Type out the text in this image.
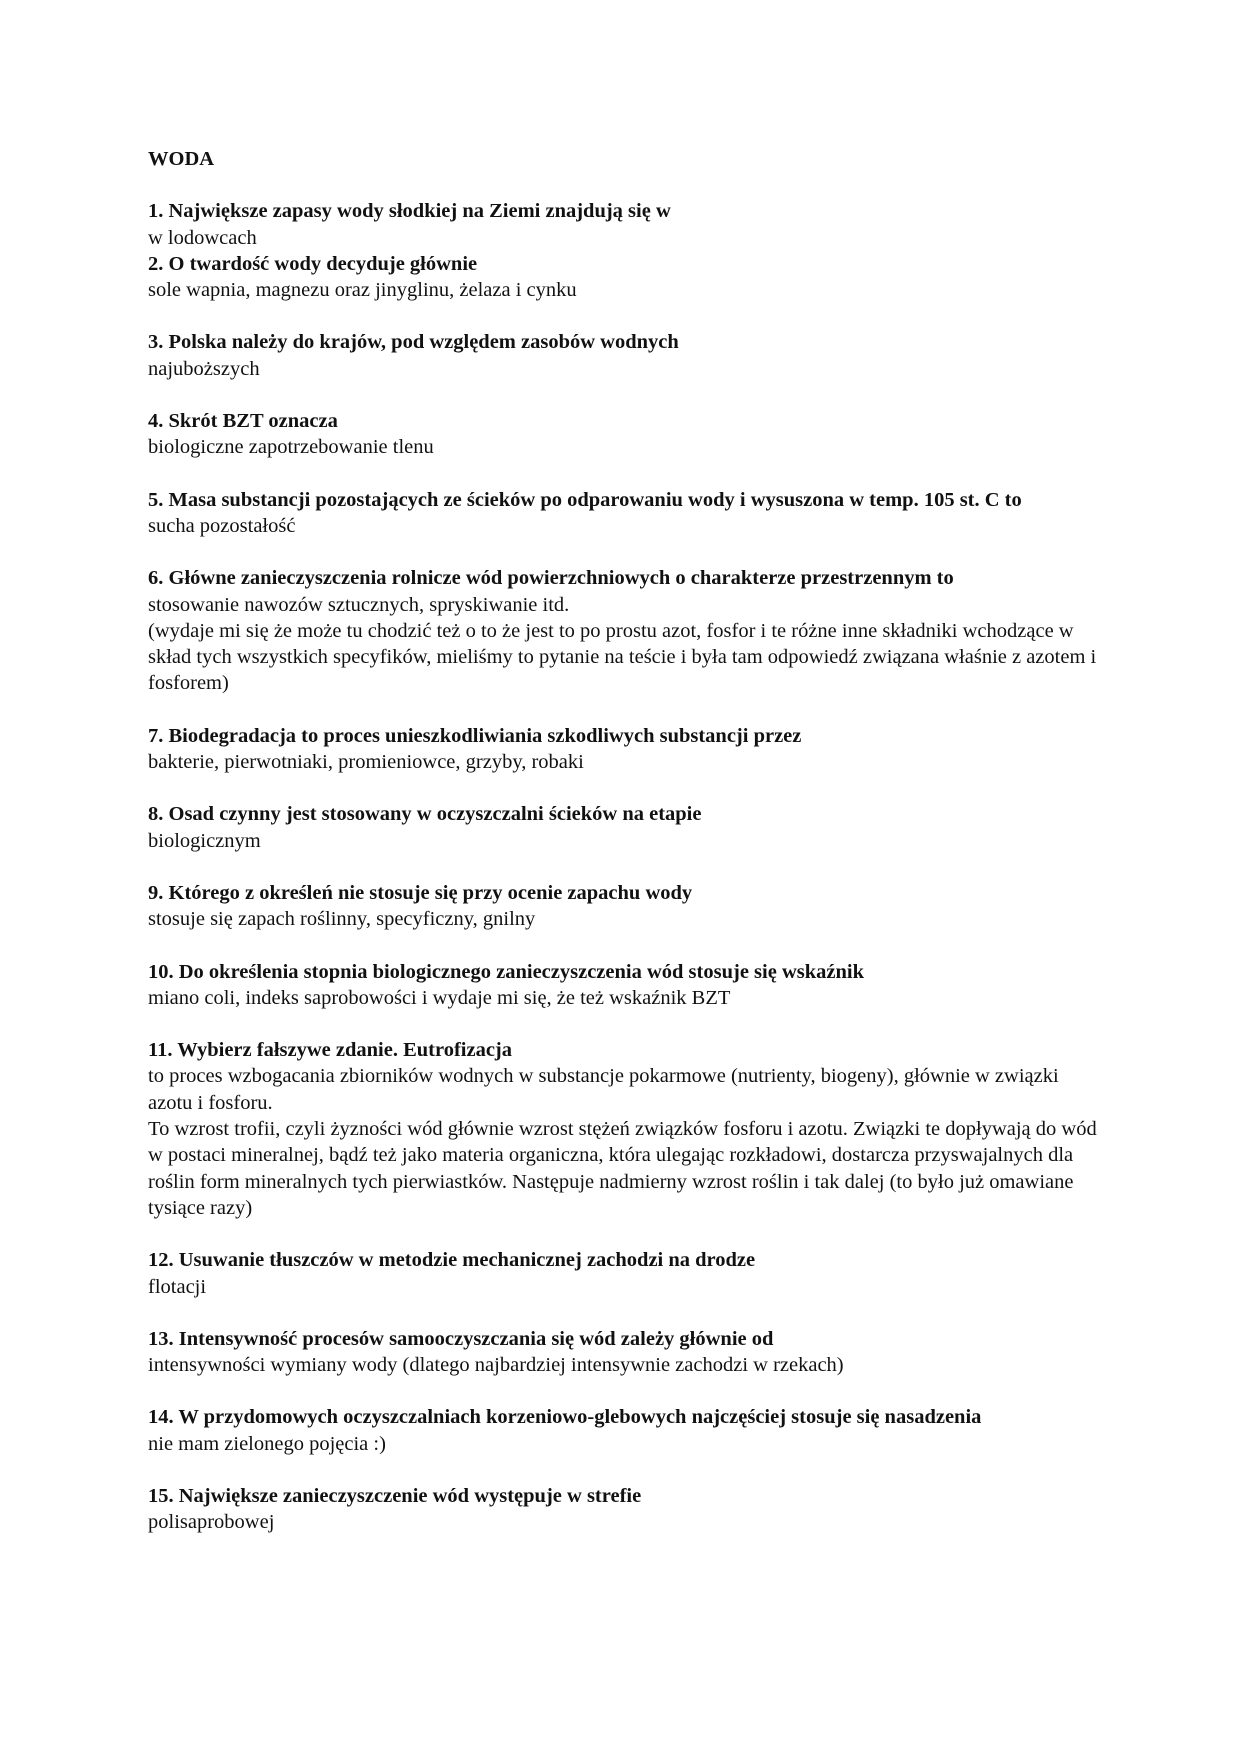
WODA
1. Największe zapasy wody słodkiej na Ziemi znajdują się w
w lodowcach
2. O twardość wody decyduje głównie
sole wapnia, magnezu oraz jinyglinu, żelaza i cynku
3. Polska należy do krajów, pod względem zasobów wodnych
najuboższych
4. Skrót BZT oznacza
biologiczne zapotrzebowanie tlenu
5. Masa substancji pozostających ze ścieków po odparowaniu wody i wysuszona w temp. 105 st. C to
sucha pozostałość
6. Główne zanieczyszczenia rolnicze wód powierzchniowych o charakterze przestrzennym to
stosowanie nawozów sztucznych, spryskiwanie itd.
(wydaje mi się że może tu chodzić też o to że jest to po prostu azot, fosfor i te różne inne składniki wchodzące w skład tych wszystkich specyfików, mieliśmy to pytanie na teście i była tam odpowiedź związana właśnie z azotem i fosforem)
7. Biodegradacja to proces unieszkodliwiania szkodliwych substancji przez
bakterie, pierwotniaki, promieniowce, grzyby, robaki
8. Osad czynny jest stosowany w oczyszczalni ścieków na etapie
biologicznym
9. Którego z określeń nie stosuje się przy ocenie zapachu wody
stosuje się zapach roślinny, specyficzny, gnilny
10. Do określenia stopnia biologicznego zanieczyszczenia wód stosuje się wskaźnik
miano coli, indeks saprobowości i wydaje mi się, że też wskaźnik BZT
11. Wybierz fałszywe zdanie. Eutrofizacja
to proces wzbogacania zbiorników wodnych w substancje pokarmowe (nutrienty, biogeny), głównie w związki azotu i fosforu.
To wzrost trofii, czyli żyzności wód głównie wzrost stężeń związków fosforu i azotu. Związki te dopływają do wód w postaci mineralnej, bądź też jako materia organiczna, która ulegając rozkładowi, dostarcza przyswajalnych dla roślin form mineralnych tych pierwiastków. Następuje nadmierny wzrost roślin i tak dalej (to było już omawiane tysiące razy)
12. Usuwanie tłuszczów w metodzie mechanicznej zachodzi na drodze
flotacji
13. Intensywność procesów samooczyszczania się wód zależy głównie od
intensywności wymiany wody (dlatego najbardziej intensywnie zachodzi w rzekach)
14. W przydomowych oczyszczalniach korzeniowo-glebowych najczęściej stosuje się nasadzenia
nie mam zielonego pojęcia :)
15. Największe zanieczyszczenie wód występuje w strefie
polisaprobowej
